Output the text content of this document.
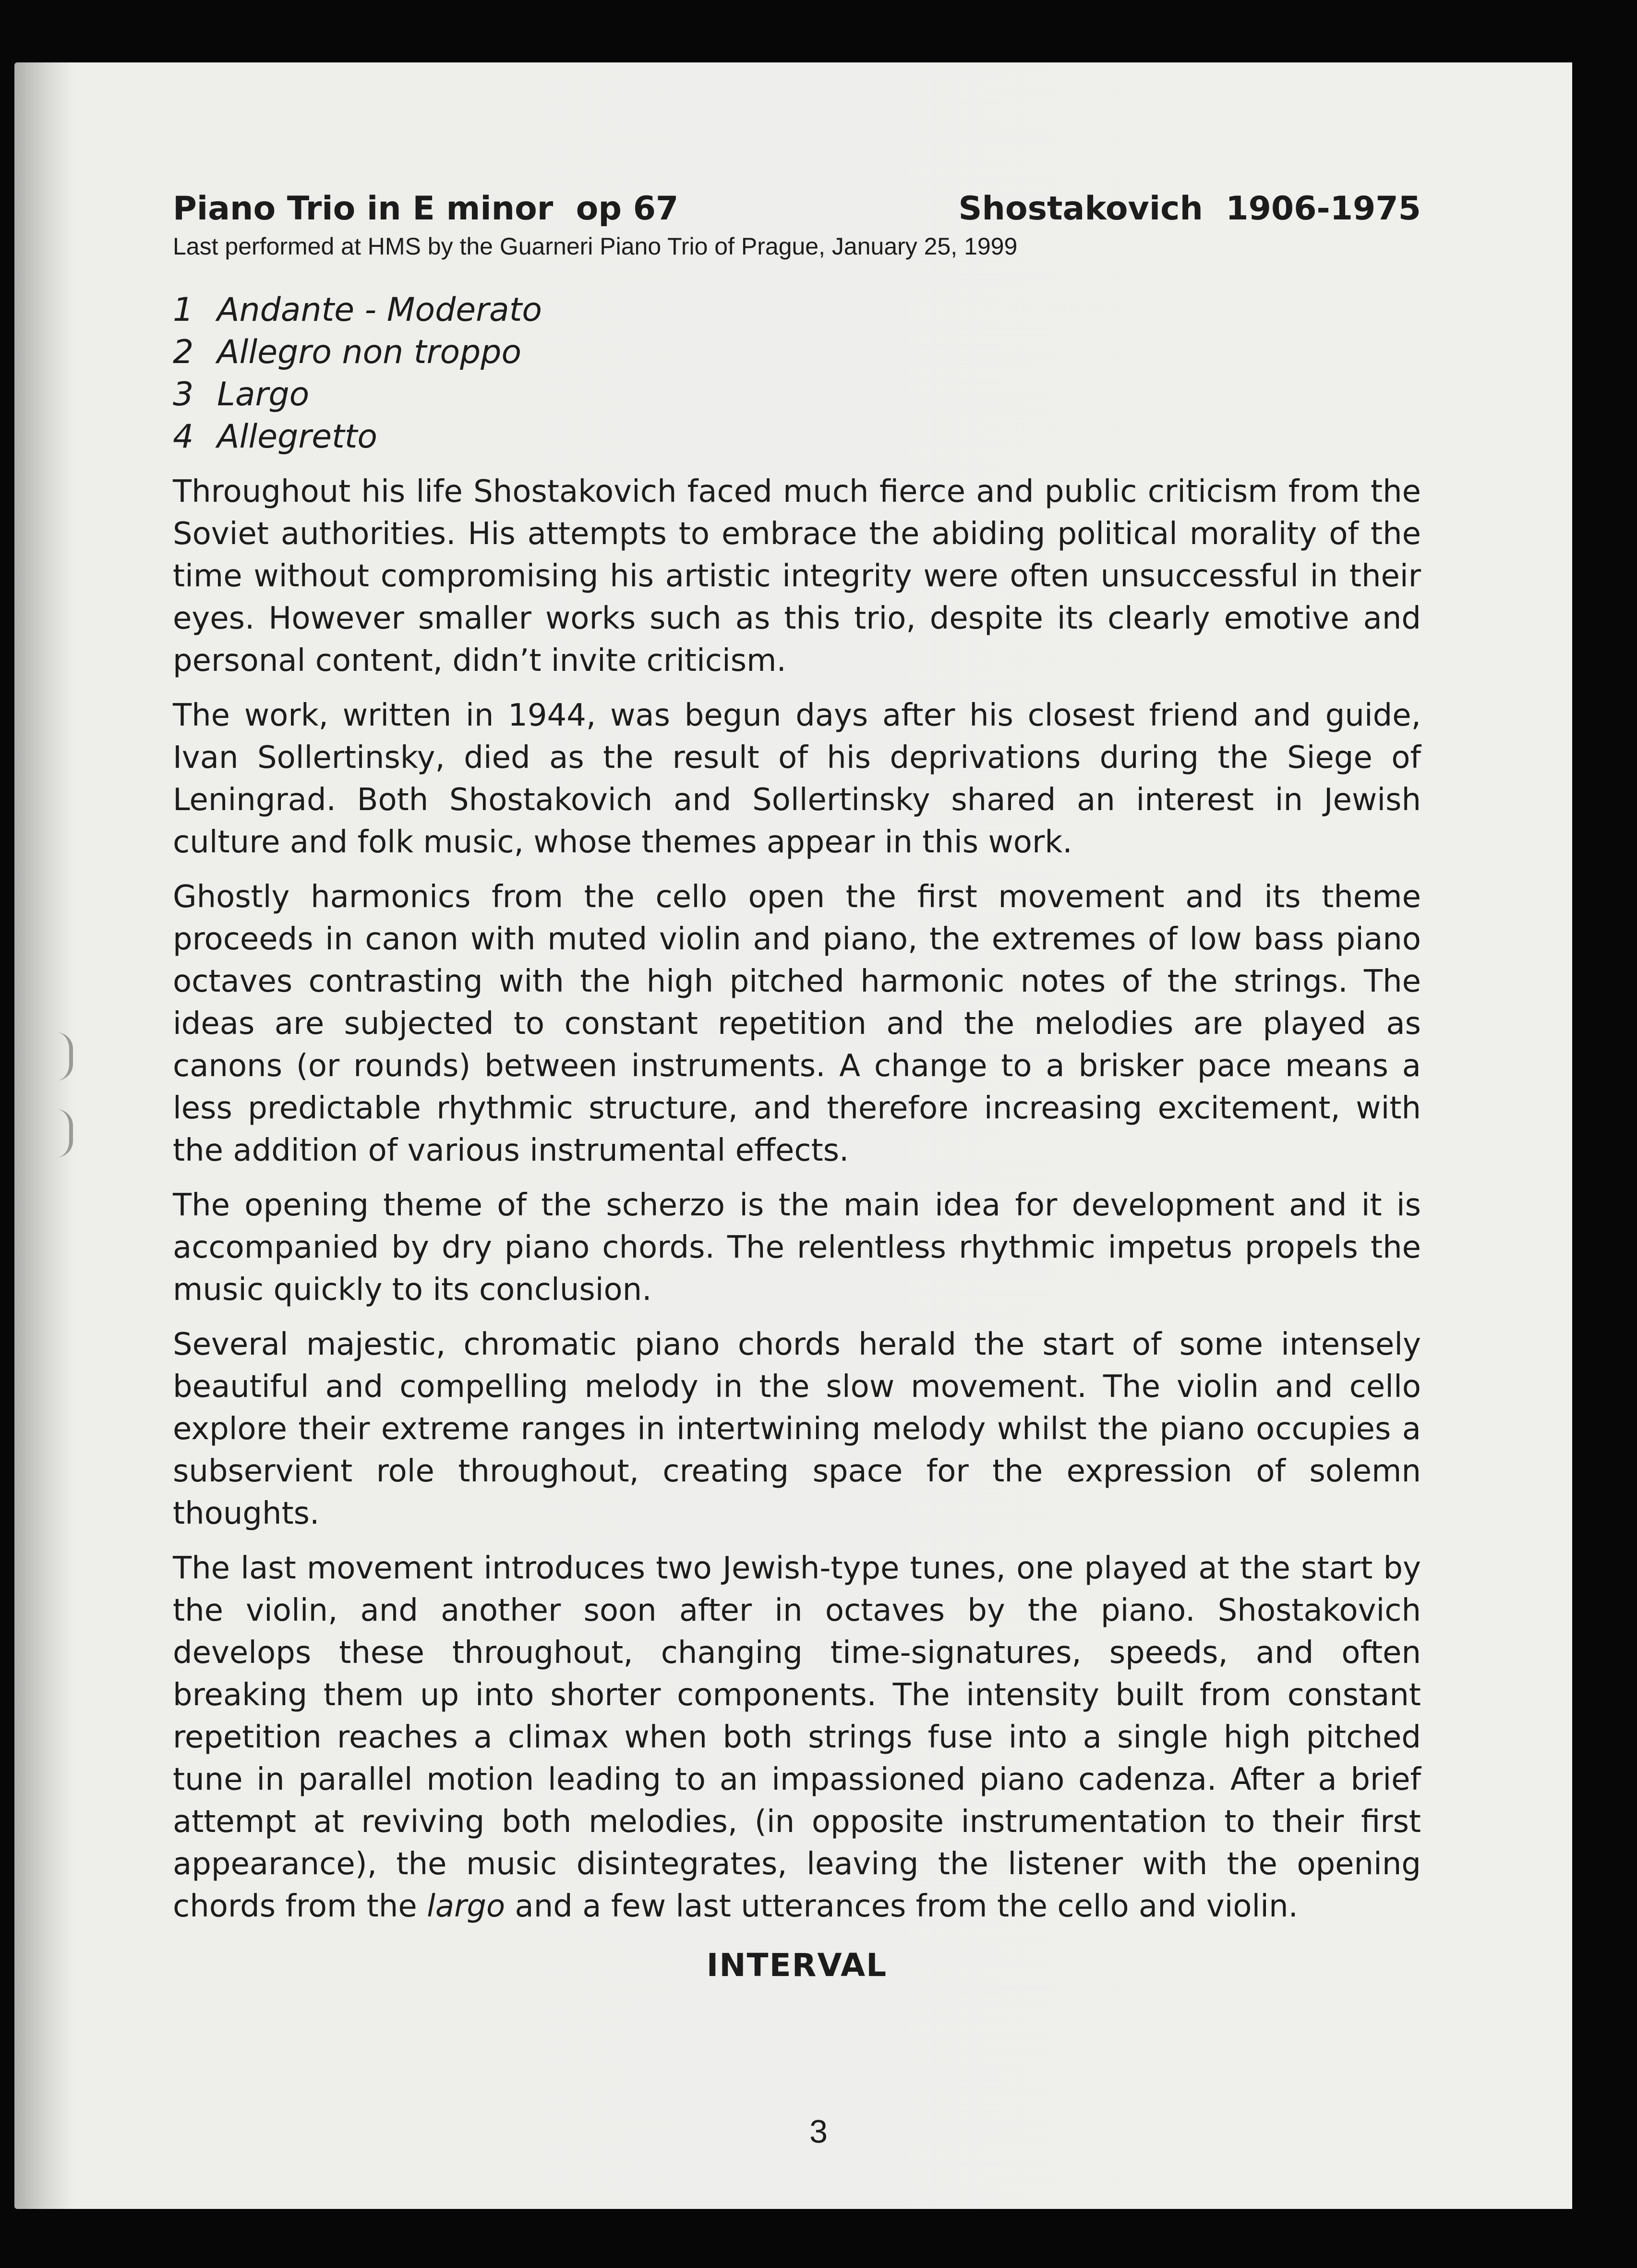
Piano Trio in E minor  op 67	Shostakovich  1906-1975
Last performed at HMS by the Guarneri Piano Trio of Prague, January 25, 1999
1 Andante - Moderato
2 Allegro non troppo
3 Largo
4 Allegretto
Throughout his life Shostakovich faced much fierce and public criticism from the Soviet authorities. His attempts to embrace the abiding political morality of the time without compromising his artistic integrity were often unsuccessful in their eyes. However smaller works such as this trio, despite its clearly emotive and personal content, didn’t invite criticism.
The work, written in 1944, was begun days after his closest friend and guide, Ivan Sollertinsky, died as the result of his deprivations during the Siege of Leningrad. Both Shostakovich and Sollertinsky shared an interest in Jewish culture and folk music, whose themes appear in this work.
Ghostly harmonics from the cello open the first movement and its theme proceeds in canon with muted violin and piano, the extremes of low bass piano octaves contrasting with the high pitched harmonic notes of the strings. The ideas are subjected to constant repetition and the melodies are played as canons (or rounds) between instruments. A change to a brisker pace means a less predictable rhythmic structure, and therefore increasing excitement, with the addition of various instrumental effects.
The opening theme of the scherzo is the main idea for development and it is accompanied by dry piano chords. The relentless rhythmic impetus propels the music quickly to its conclusion.
Several majestic, chromatic piano chords herald the start of some intensely beautiful and compelling melody in the slow movement. The violin and cello explore their extreme ranges in intertwining melody whilst the piano occupies a subservient role throughout, creating space for the expression of solemn thoughts.
The last movement introduces two Jewish-type tunes, one played at the start by the violin, and another soon after in octaves by the piano. Shostakovich develops these throughout, changing time-signatures, speeds, and often breaking them up into shorter components. The intensity built from constant repetition reaches a climax when both strings fuse into a single high pitched tune in parallel motion leading to an impassioned piano cadenza. After a brief attempt at reviving both melodies, (in opposite instrumentation to their first appearance), the music disintegrates, leaving the listener with the opening chords from the largo and a few last utterances from the cello and violin.
INTERVAL
3
